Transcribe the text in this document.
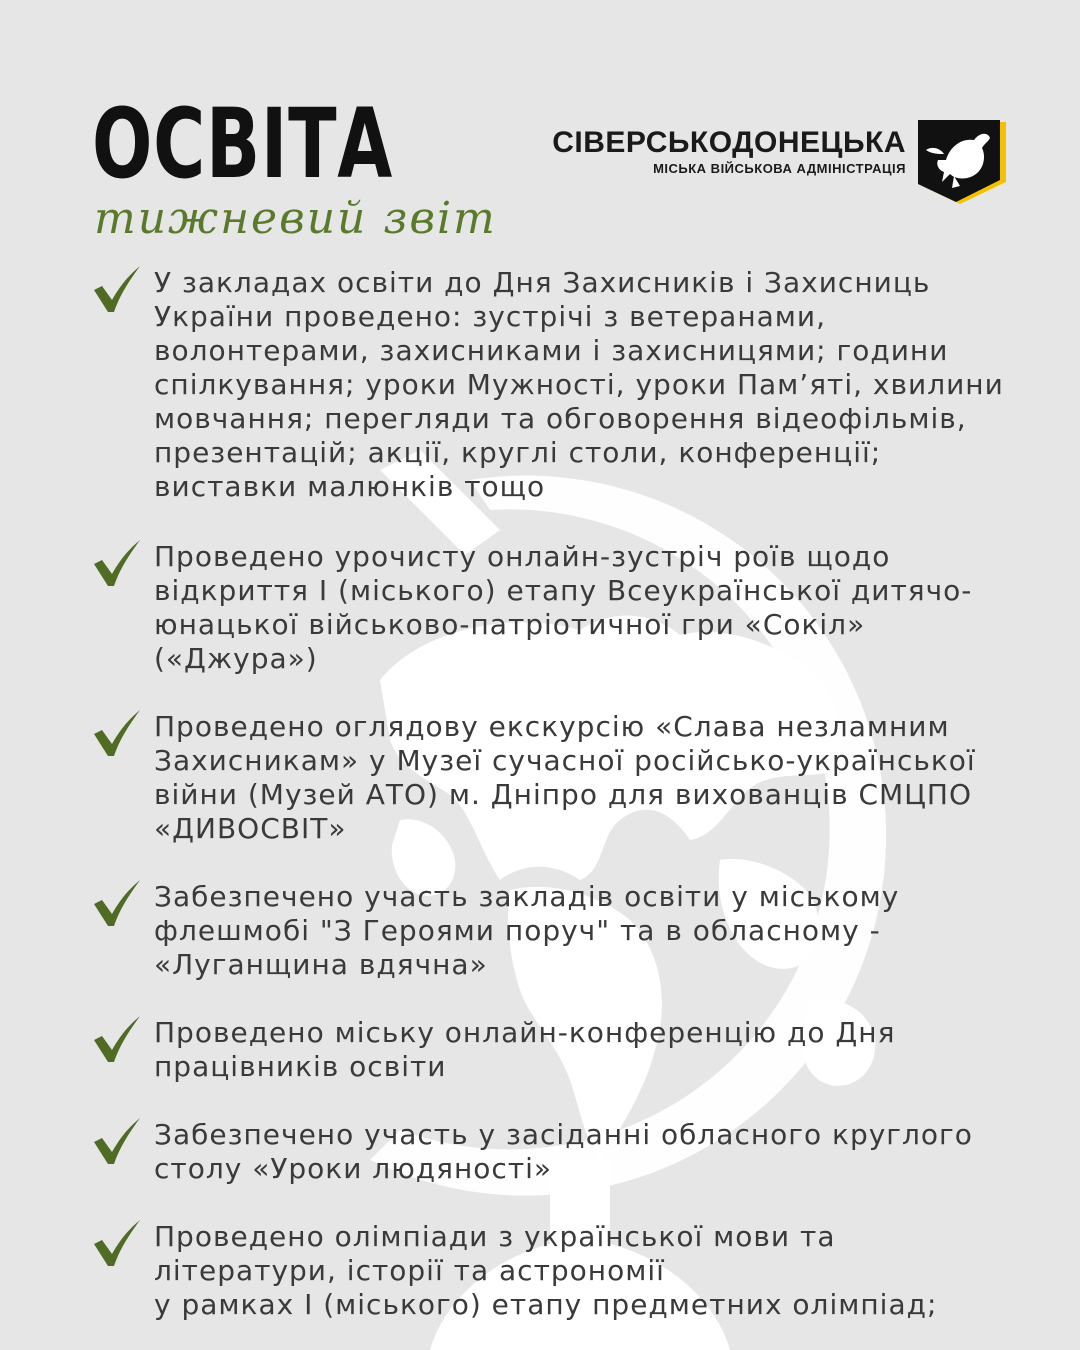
ОСВІТА
тижневий звіт
СІВЕРСЬКОДОНЕЦЬКА
МІСЬКА ВІЙСЬКОВА АДМІНІСТРАЦІЯ

У закладах освіти до Дня Захисників і Захисниць
України проведено: зустрічі з ветеранами,
волонтерами, захисниками і захисницями; години
спілкування; уроки Мужності, уроки Пам’яті, хвилини
мовчання; перегляди та обговорення відеофільмів,
презентацій; акції, круглі столи, конференції;
виставки малюнків тощо

Проведено урочисту онлайн-зустріч роїв щодо
відкриття І (міського) етапу Всеукраїнської дитячо-
юнацької військово-патріотичної гри «Сокіл»
(«Джура»)

Проведено оглядову екскурсію «Слава незламним
Захисникам» у Музеї сучасної російсько-української
війни (Музей АТО) м. Дніпро для вихованців СМЦПО
«ДИВОСВІТ»

Забезпечено участь закладів освіти у міському
флешмобі "З Героями поруч" та в обласному -
«Луганщина вдячна»

Проведено міську онлайн-конференцію до Дня
працівників освіти

Забезпечено участь у засіданні обласного круглого
столу «Уроки людяності»

Проведено олімпіади з української мови та
літератури, історії та астрономії
у рамках І (міського) етапу предметних олімпіад;
